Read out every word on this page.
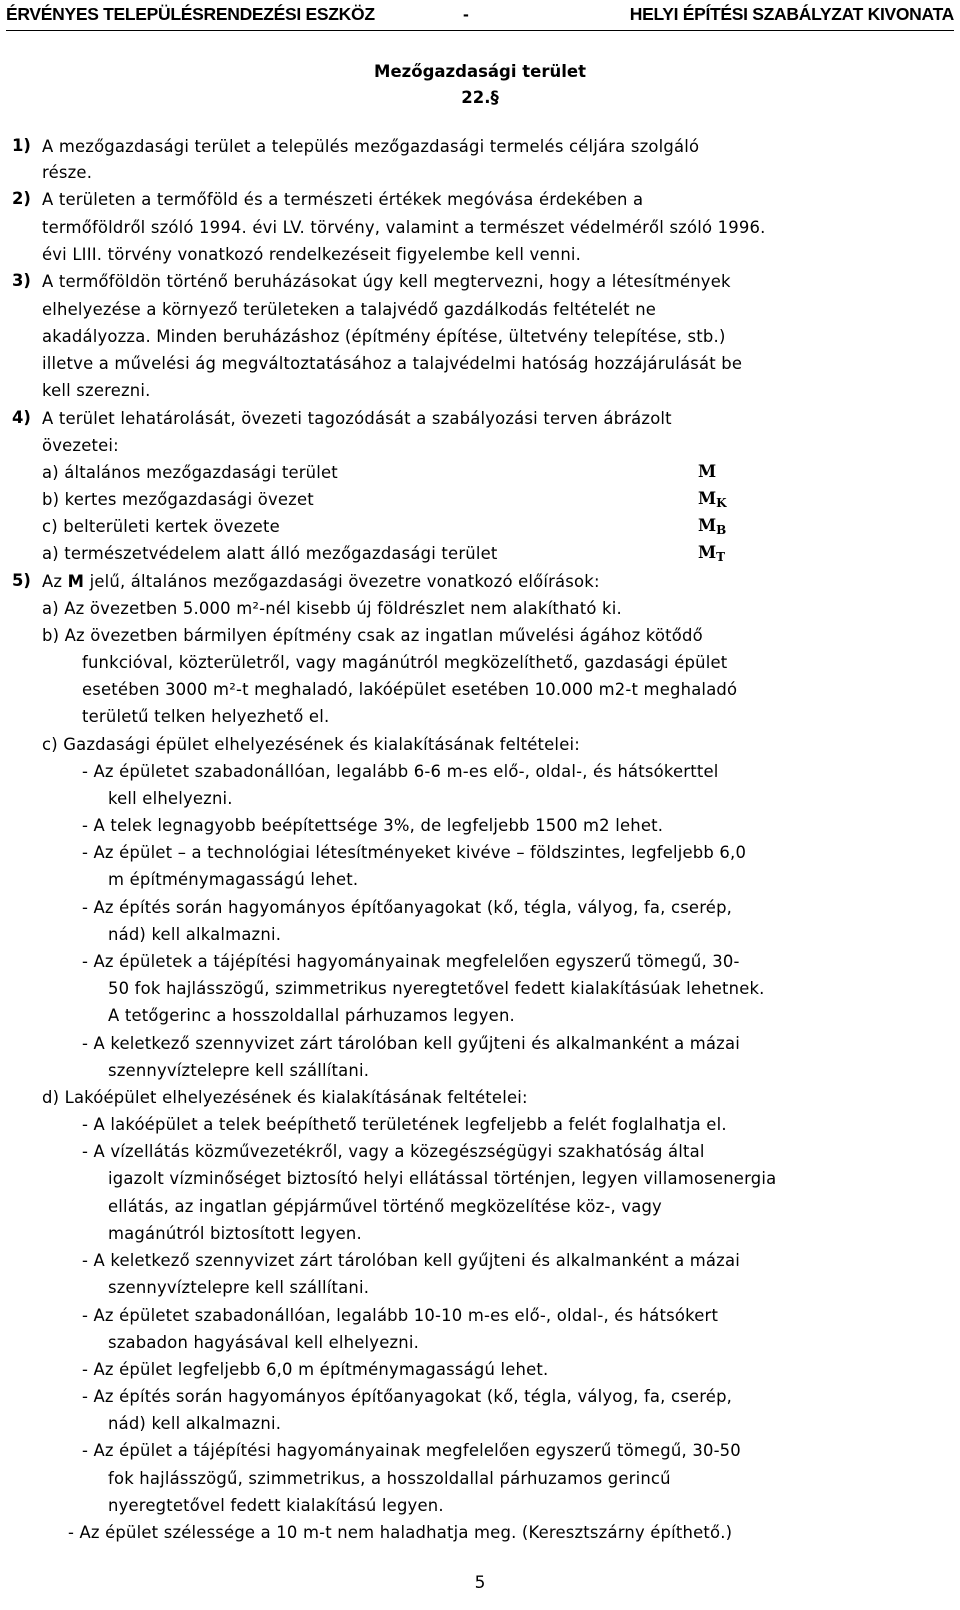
ÉRVÉNYES TELEPÜLÉSRENDEZÉSI ESZKÖZ	-	HELYI ÉPÍTÉSI SZABÁLYZAT KIVONATA
Mezőgazdasági terület
22.§
1) A mezőgazdasági terület a település mezőgazdasági termelés céljára szolgáló
része.
2) A területen a termőföld és a természeti értékek megóvása érdekében a
termőföldről szóló 1994. évi LV. törvény, valamint a természet védelméről szóló 1996.
évi LIII. törvény vonatkozó rendelkezéseit figyelembe kell venni.
3) A termőföldön történő beruházásokat úgy kell megtervezni, hogy a létesítmények
elhelyezése a környező területeken a talajvédő gazdálkodás feltételét ne
akadályozza. Minden beruházáshoz (építmény építése, ültetvény telepítése, stb.)
illetve a művelési ág megváltoztatásához a talajvédelmi hatóság hozzájárulását be
kell szerezni.
4) A terület lehatárolását, övezeti tagozódását a szabályozási terven ábrázolt
övezetei:
a) általános mezőgazdasági terület	M
b) kertes mezőgazdasági övezet	$M_K$
c) belterületi kertek övezete	$M_B$
a) természetvédelem alatt álló mezőgazdasági terület	$M_T$
5) Az M jelű, általános mezőgazdasági övezetre vonatkozó előírások:
a) Az övezetben 5.000 m²-nél kisebb új földrészlet nem alakítható ki.
b) Az övezetben bármilyen építmény csak az ingatlan művelési ágához kötődő
funkcióval, közterületről, vagy magánútról megközelíthető, gazdasági épület
esetében 3000 m²-t meghaladó, lakóépület esetében 10.000 m2-t meghaladó
területű telken helyezhető el.
c) Gazdasági épület elhelyezésének és kialakításának feltételei:
- Az épületet szabadonállóan, legalább 6-6 m-es elő-, oldal-, és hátsókerttel
kell elhelyezni.
- A telek legnagyobb beépítettsége 3%, de legfeljebb 1500 m2 lehet.
- Az épület – a technológiai létesítményeket kivéve – földszintes, legfeljebb 6,0
m építménymagasságú lehet.
- Az építés során hagyományos építőanyagokat (kő, tégla, vályog, fa, cserép,
nád) kell alkalmazni.
- Az épületek a tájépítési hagyományainak megfelelően egyszerű tömegű, 30-
50 fok hajlásszögű, szimmetrikus nyeregtetővel fedett kialakításúak lehetnek.
A tetőgerinc a hosszoldallal párhuzamos legyen.
- A keletkező szennyvizet zárt tárolóban kell gyűjteni és alkalmanként a mázai
szennyvíztelepre kell szállítani.
d) Lakóépület elhelyezésének és kialakításának feltételei:
- A lakóépület a telek beépíthető területének legfeljebb a felét foglalhatja el.
- A vízellátás közművezetékről, vagy a közegészségügyi szakhatóság által
igazolt vízminőséget biztosító helyi ellátással történjen, legyen villamosenergia
ellátás, az ingatlan gépjárművel történő megközelítése köz-, vagy
magánútról biztosított legyen.
- A keletkező szennyvizet zárt tárolóban kell gyűjteni és alkalmanként a mázai
szennyvíztelepre kell szállítani.
- Az épületet szabadonállóan, legalább 10-10 m-es elő-, oldal-, és hátsókert
szabadon hagyásával kell elhelyezni.
- Az épület legfeljebb 6,0 m építménymagasságú lehet.
- Az építés során hagyományos építőanyagokat (kő, tégla, vályog, fa, cserép,
nád) kell alkalmazni.
- Az épület a tájépítési hagyományainak megfelelően egyszerű tömegű, 30-50
fok hajlásszögű, szimmetrikus, a hosszoldallal párhuzamos gerincű
nyeregtetővel fedett kialakítású legyen.
- Az épület szélessége a 10 m-t nem haladhatja meg. (Keresztszárny építhető.)
5
